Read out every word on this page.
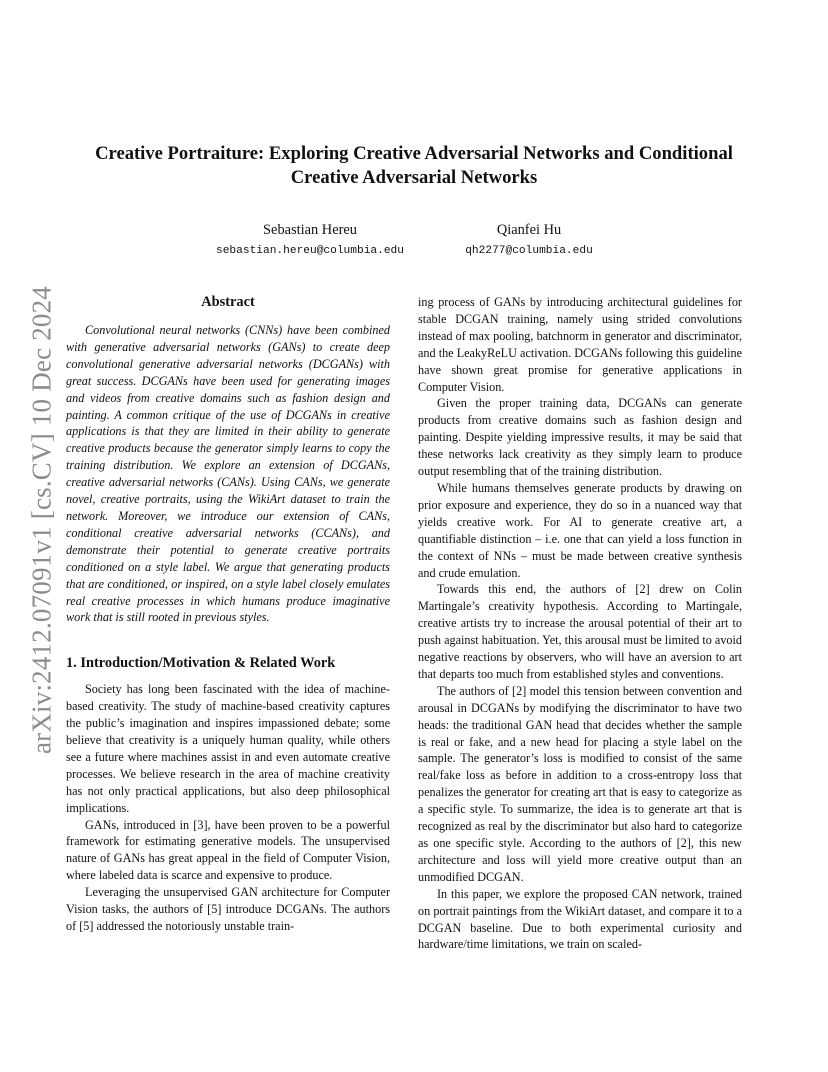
arXiv:2412.07091v1 [cs.CV] 10 Dec 2024
Creative Portraiture: Exploring Creative Adversarial Networks and Conditional Creative Adversarial Networks
Sebastian Hereu
sebastian.hereu@columbia.edu
Qianfei Hu
qh2277@columbia.edu
Abstract

Convolutional neural networks (CNNs) have been combined with generative adversarial networks (GANs) to create deep convolutional generative adversarial networks (DCGANs) with great success. DCGANs have been used for generating images and videos from creative domains such as fashion design and painting. A common critique of the use of DCGANs in creative applications is that they are limited in their ability to generate creative products because the generator simply learns to copy the training distribution. We explore an extension of DCGANs, creative adversarial networks (CANs). Using CANs, we generate novel, creative portraits, using the WikiArt dataset to train the network. Moreover, we introduce our extension of CANs, conditional creative adversarial networks (CCANs), and demonstrate their potential to generate creative portraits conditioned on a style label. We argue that generating products that are conditioned, or inspired, on a style label closely emulates real creative processes in which humans produce imaginative work that is still rooted in previous styles.

1. Introduction/Motivation & Related Work

Society has long been fascinated with the idea of machine-based creativity. The study of machine-based creativity captures the public’s imagination and inspires impassioned debate; some believe that creativity is a uniquely human quality, while others see a future where machines assist in and even automate creative processes. We believe research in the area of machine creativity has not only practical applications, but also deep philosophical implications.

GANs, introduced in [3], have been proven to be a powerful framework for estimating generative models. The unsupervised nature of GANs has great appeal in the field of Computer Vision, where labeled data is scarce and expensive to produce.

Leveraging the unsupervised GAN architecture for Computer Vision tasks, the authors of [5] introduce DCGANs. The authors of [5] addressed the notoriously unstable train-

ing process of GANs by introducing architectural guidelines for stable DCGAN training, namely using strided convolutions instead of max pooling, batchnorm in generator and discriminator, and the LeakyReLU activation. DCGANs following this guideline have shown great promise for generative applications in Computer Vision.

Given the proper training data, DCGANs can generate products from creative domains such as fashion design and painting. Despite yielding impressive results, it may be said that these networks lack creativity as they simply learn to produce output resembling that of the training distribution.

While humans themselves generate products by drawing on prior exposure and experience, they do so in a nuanced way that yields creative work. For AI to generate creative art, a quantifiable distinction – i.e. one that can yield a loss function in the context of NNs – must be made between creative synthesis and crude emulation.

Towards this end, the authors of [2] drew on Colin Martingale’s creativity hypothesis. According to Martingale, creative artists try to increase the arousal potential of their art to push against habituation. Yet, this arousal must be limited to avoid negative reactions by observers, who will have an aversion to art that departs too much from established styles and conventions.

The authors of [2] model this tension between convention and arousal in DCGANs by modifying the discriminator to have two heads: the traditional GAN head that decides whether the sample is real or fake, and a new head for placing a style label on the sample. The generator’s loss is modified to consist of the same real/fake loss as before in addition to a cross-entropy loss that penalizes the generator for creating art that is easy to categorize as a specific style. To summarize, the idea is to generate art that is recognized as real by the discriminator but also hard to categorize as one specific style. According to the authors of [2], this new architecture and loss will yield more creative output than an unmodified DCGAN.

In this paper, we explore the proposed CAN network, trained on portrait paintings from the WikiArt dataset, and compare it to a DCGAN baseline. Due to both experimental curiosity and hardware/time limitations, we train on scaled-
